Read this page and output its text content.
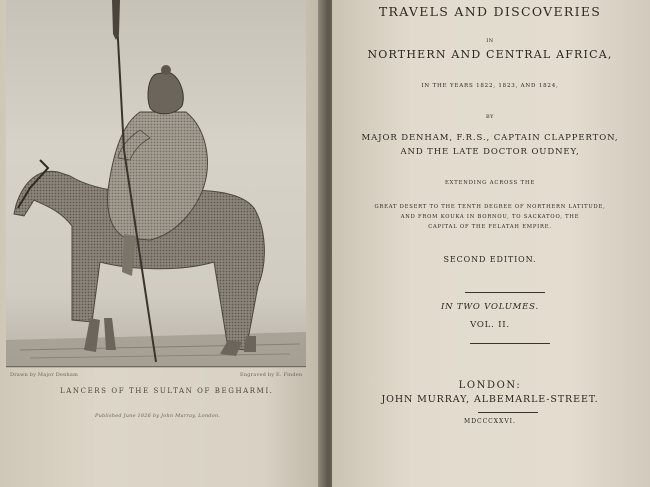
Drawn by Major Denham	Engraved by E. Finden
LANCERS OF THE SULTAN OF BEGHARMI.
Published June 1826 by John Murray, London.
TRAVELS AND DISCOVERIES
IN
NORTHERN AND CENTRAL AFRICA,
IN THE YEARS 1822, 1823, AND 1824,
BY
MAJOR DENHAM, F.R.S., CAPTAIN CLAPPERTON,
AND THE LATE DOCTOR OUDNEY,
EXTENDING ACROSS THE
GREAT DESERT TO THE TENTH DEGREE OF NORTHERN LATITUDE,
AND FROM KOUKA IN BORNOU, TO SACKATOO, THE
CAPITAL OF THE FELATAH EMPIRE.
SECOND EDITION.
IN TWO VOLUMES.
VOL. II.
LONDON:
JOHN MURRAY, ALBEMARLE-STREET.
MDCCCXXVI.
